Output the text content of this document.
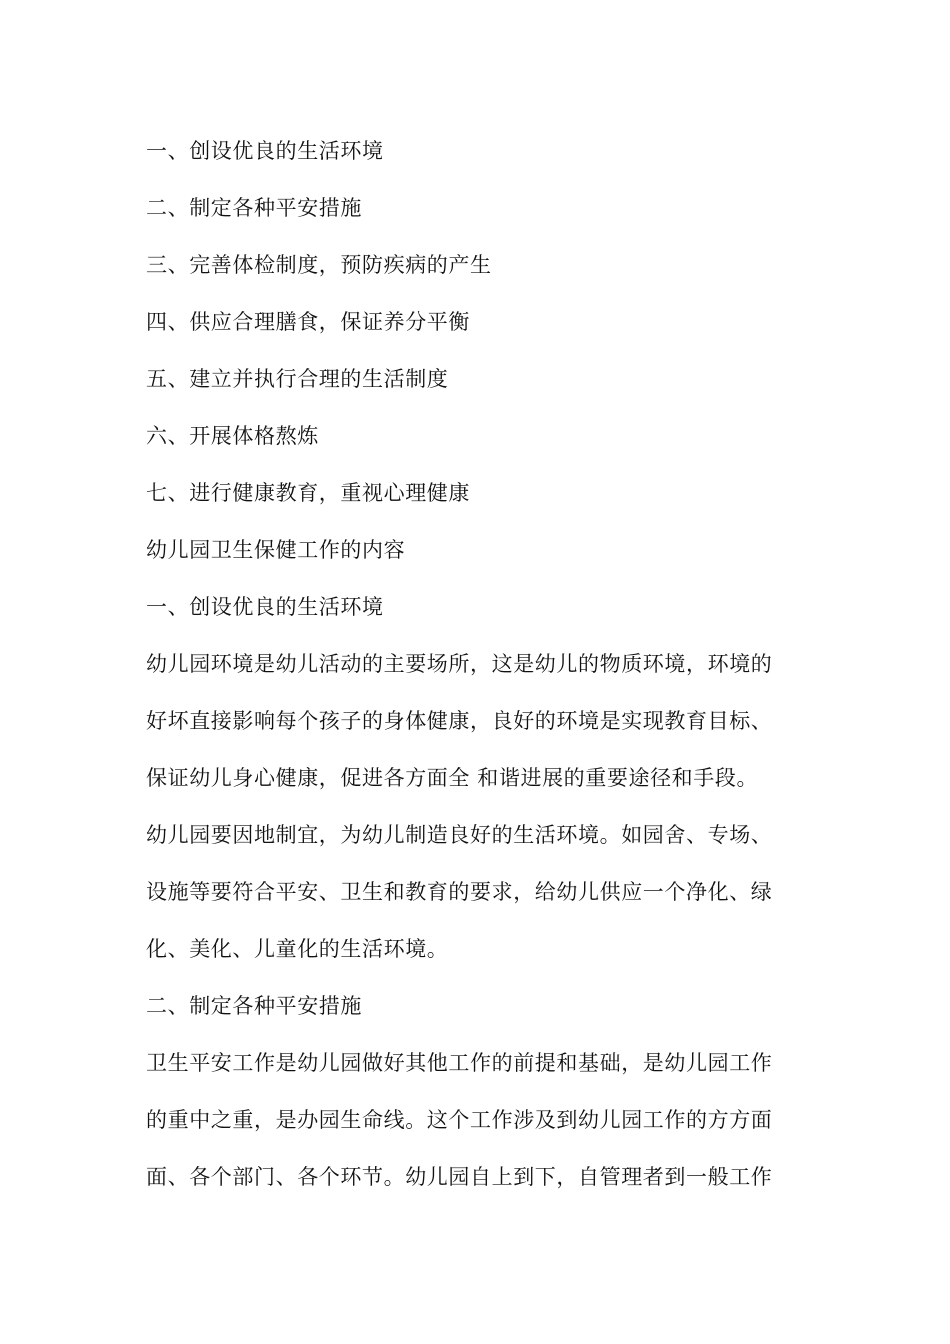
一、创设优良的生活环境
二、制定各种平安措施
三、完善体检制度，预防疾病的产生
四、供应合理膳食，保证养分平衡
五、建立并执行合理的生活制度
六、开展体格熬炼
七、进行健康教育，重视心理健康
幼儿园卫生保健工作的内容
一、创设优良的生活环境
幼儿园环境是幼儿活动的主要场所，这是幼儿的物质环境，环境的
好坏直接影响每个孩子的身体健康，良好的环境是实现教育目标、
保证幼儿身心健康，促进各方面全 和谐进展的重要途径和手段。
幼儿园要因地制宜，为幼儿制造良好的生活环境。如园舍、专场、
设施等要符合平安、卫生和教育的要求，给幼儿供应一个净化、绿
化、美化、儿童化的生活环境。
二、制定各种平安措施
卫生平安工作是幼儿园做好其他工作的前提和基础，是幼儿园工作
的重中之重，是办园生命线。这个工作涉及到幼儿园工作的方方面
面、各个部门、各个环节。幼儿园自上到下，自管理者到一般工作
